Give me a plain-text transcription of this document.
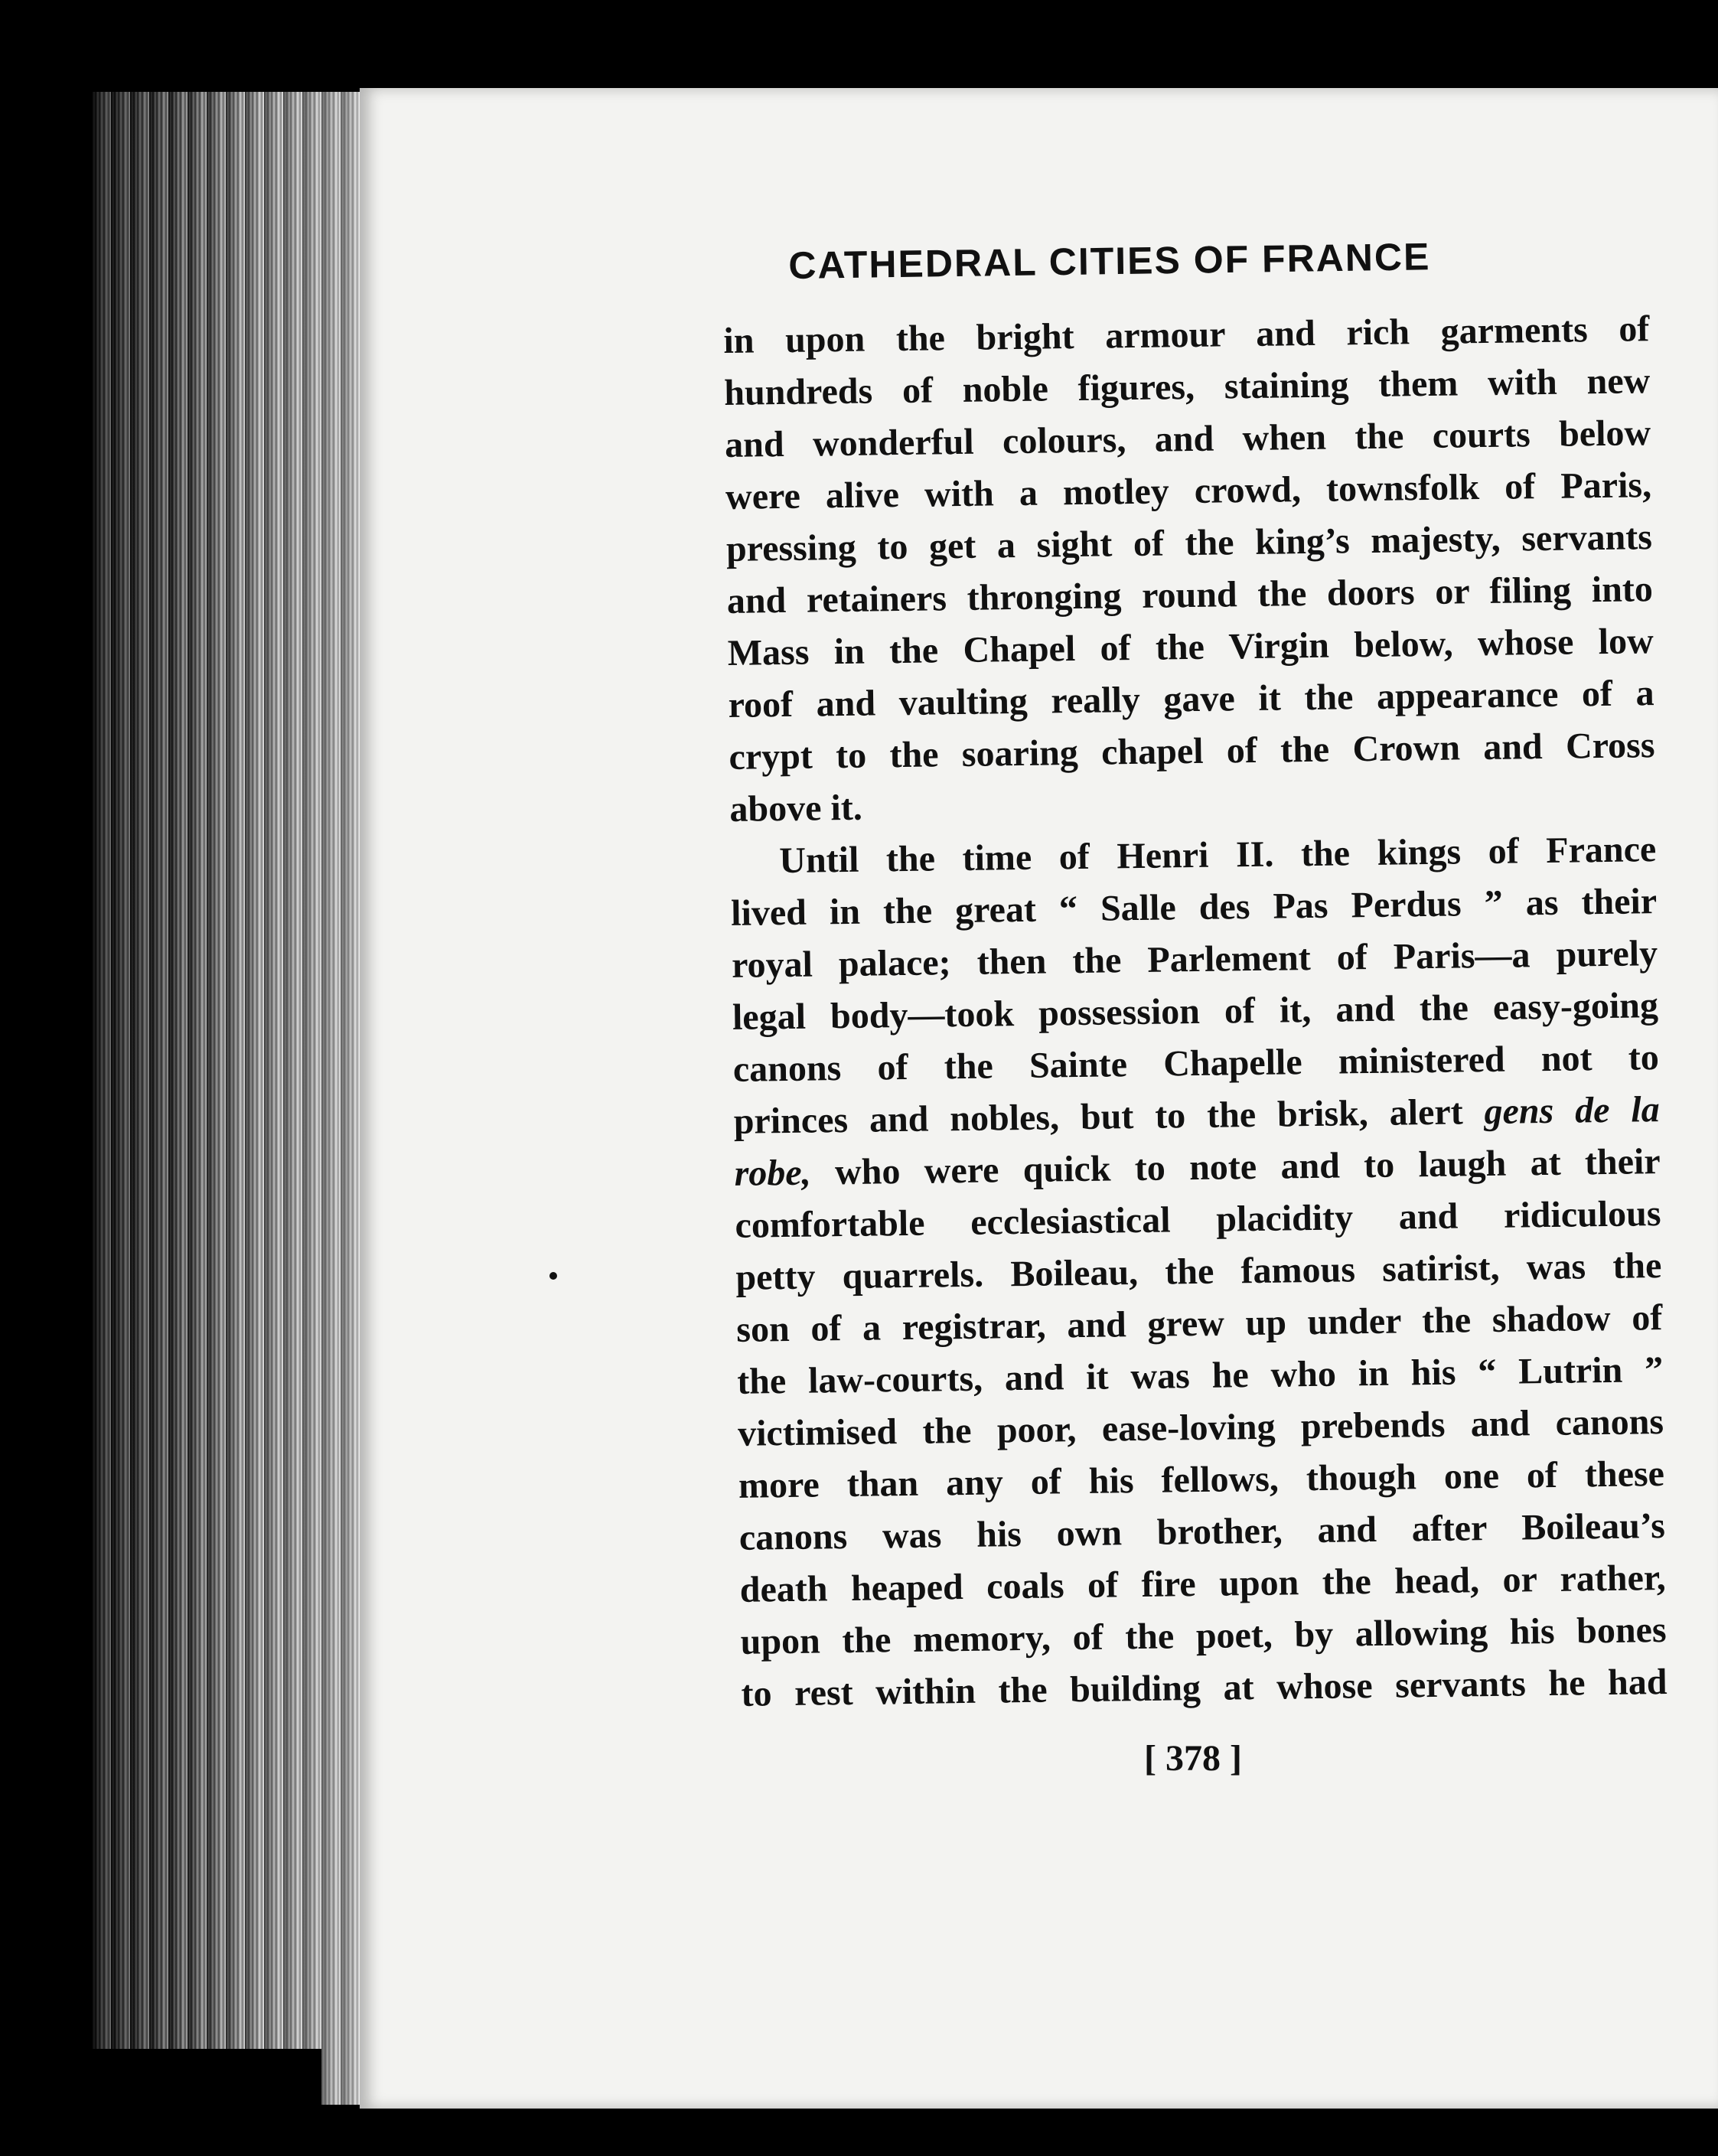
CATHEDRAL CITIES OF FRANCE
in upon the bright armour and rich garments of
hundreds of noble figures, staining them with new
and wonderful colours, and when the courts below
were alive with a motley crowd, townsfolk of Paris,
pressing to get a sight of the king’s majesty, servants
and retainers thronging round the doors or filing into
Mass in the Chapel of the Virgin below, whose low
roof and vaulting really gave it the appearance of a
crypt to the soaring chapel of the Crown and Cross
above it.
Until the time of Henri II. the kings of France
lived in the great “ Salle des Pas Perdus ” as their
royal palace; then the Parlement of Paris—a purely
legal body—took possession of it, and the easy-going
canons of the Sainte Chapelle ministered not to
princes and nobles, but to the brisk, alert gens de la
robe, who were quick to note and to laugh at their
comfortable ecclesiastical placidity and ridiculous
petty quarrels. Boileau, the famous satirist, was the
son of a registrar, and grew up under the shadow of
the law-courts, and it was he who in his “ Lutrin ”
victimised the poor, ease-loving prebends and canons
more than any of his fellows, though one of these
canons was his own brother, and after Boileau’s
death heaped coals of fire upon the head, or rather,
upon the memory, of the poet, by allowing his bones
to rest within the building at whose servants he had
[ 378 ]
